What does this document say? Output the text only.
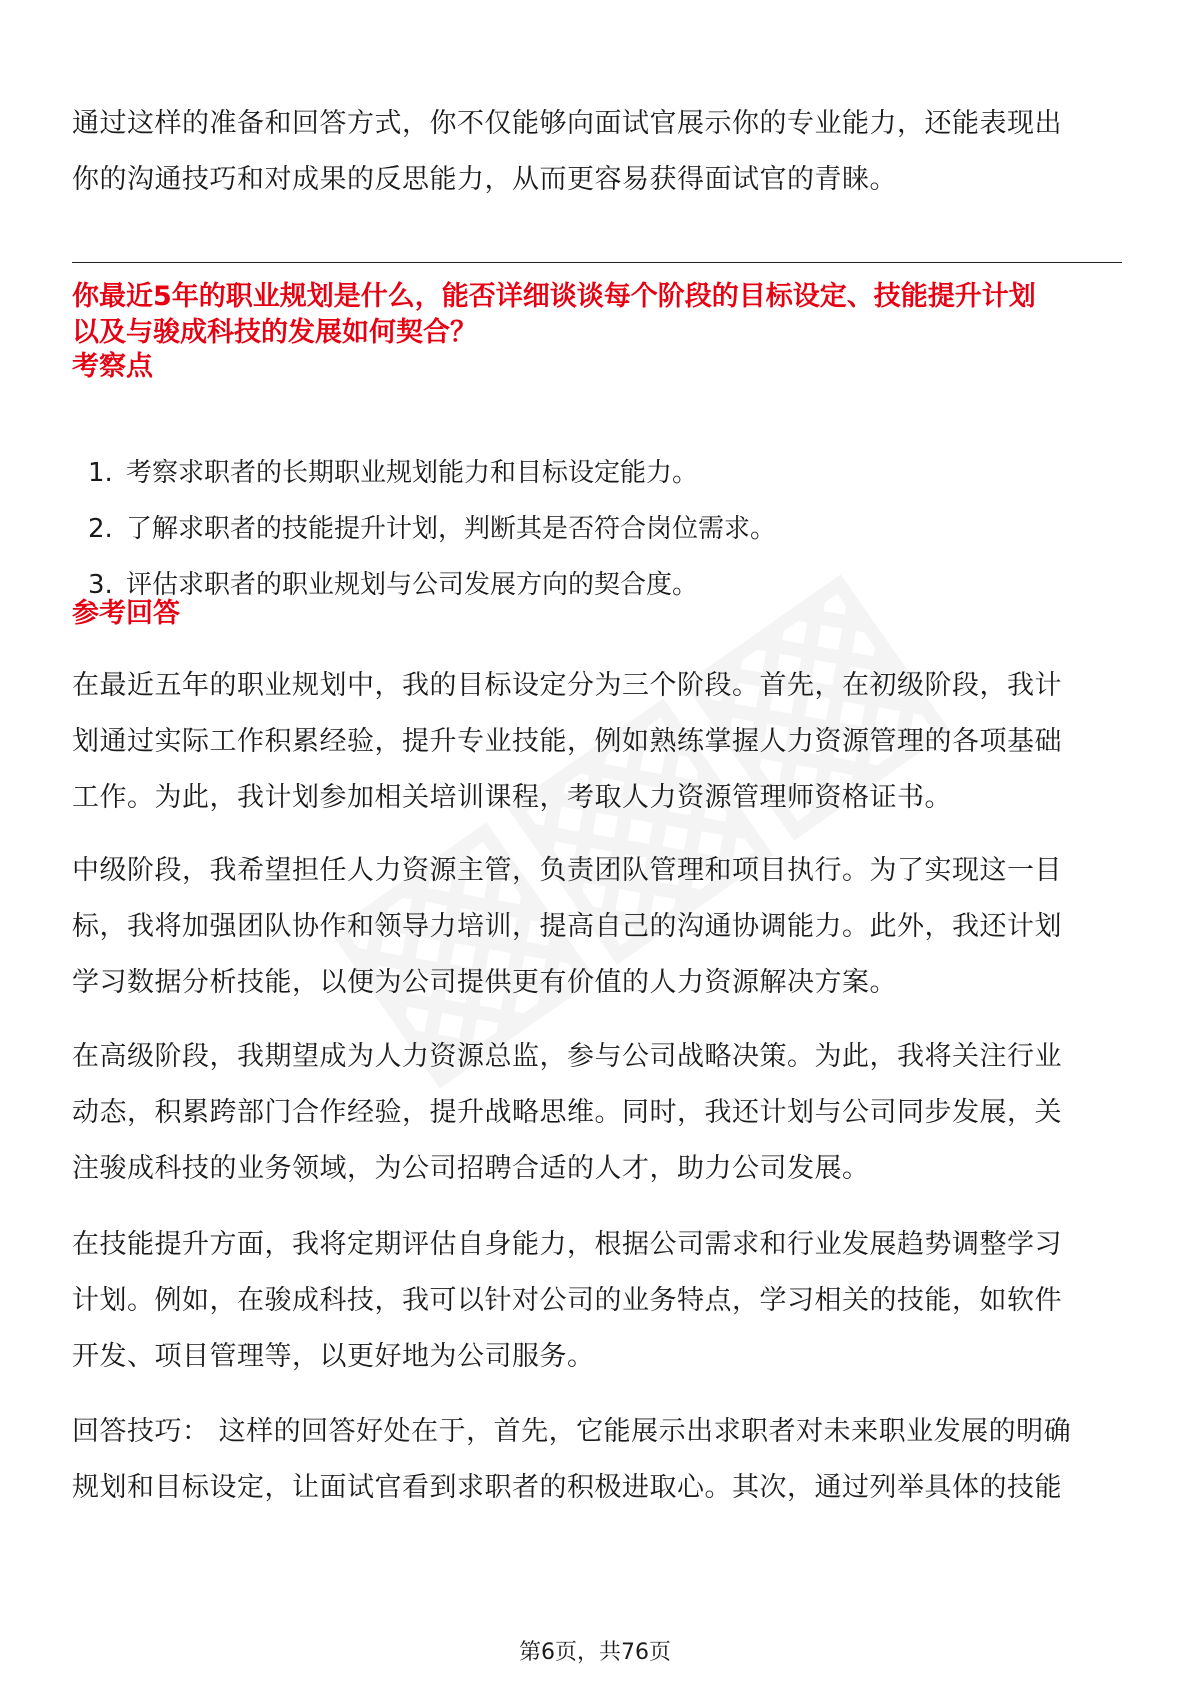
通过这样的准备和回答方式，你不仅能够向面试官展示你的专业能力，还能表现出
你的沟通技巧和对成果的反思能力，从而更容易获得面试官的青睐。
你最近5年的职业规划是什么，能否详细谈谈每个阶段的目标设定、技能提升计划
以及与骏成科技的发展如何契合？
考察点
1. 考察求职者的长期职业规划能力和目标设定能力。
2. 了解求职者的技能提升计划，判断其是否符合岗位需求。
3. 评估求职者的职业规划与公司发展方向的契合度。
参考回答
在最近五年的职业规划中，我的目标设定分为三个阶段。首先，在初级阶段，我计
划通过实际工作积累经验，提升专业技能，例如熟练掌握人力资源管理的各项基础
工作。为此，我计划参加相关培训课程，考取人力资源管理师资格证书。
中级阶段，我希望担任人力资源主管，负责团队管理和项目执行。为了实现这一目
标，我将加强团队协作和领导力培训，提高自己的沟通协调能力。此外，我还计划
学习数据分析技能，以便为公司提供更有价值的人力资源解决方案。
在高级阶段，我期望成为人力资源总监，参与公司战略决策。为此，我将关注行业
动态，积累跨部门合作经验，提升战略思维。同时，我还计划与公司同步发展，关
注骏成科技的业务领域，为公司招聘合适的人才，助力公司发展。
在技能提升方面，我将定期评估自身能力，根据公司需求和行业发展趋势调整学习
计划。例如，在骏成科技，我可以针对公司的业务特点，学习相关的技能，如软件
开发、项目管理等，以更好地为公司服务。
回答技巧： 这样的回答好处在于，首先，它能展示出求职者对未来职业发展的明确
规划和目标设定，让面试官看到求职者的积极进取心。其次，通过列举具体的技能
第6页，共76页
